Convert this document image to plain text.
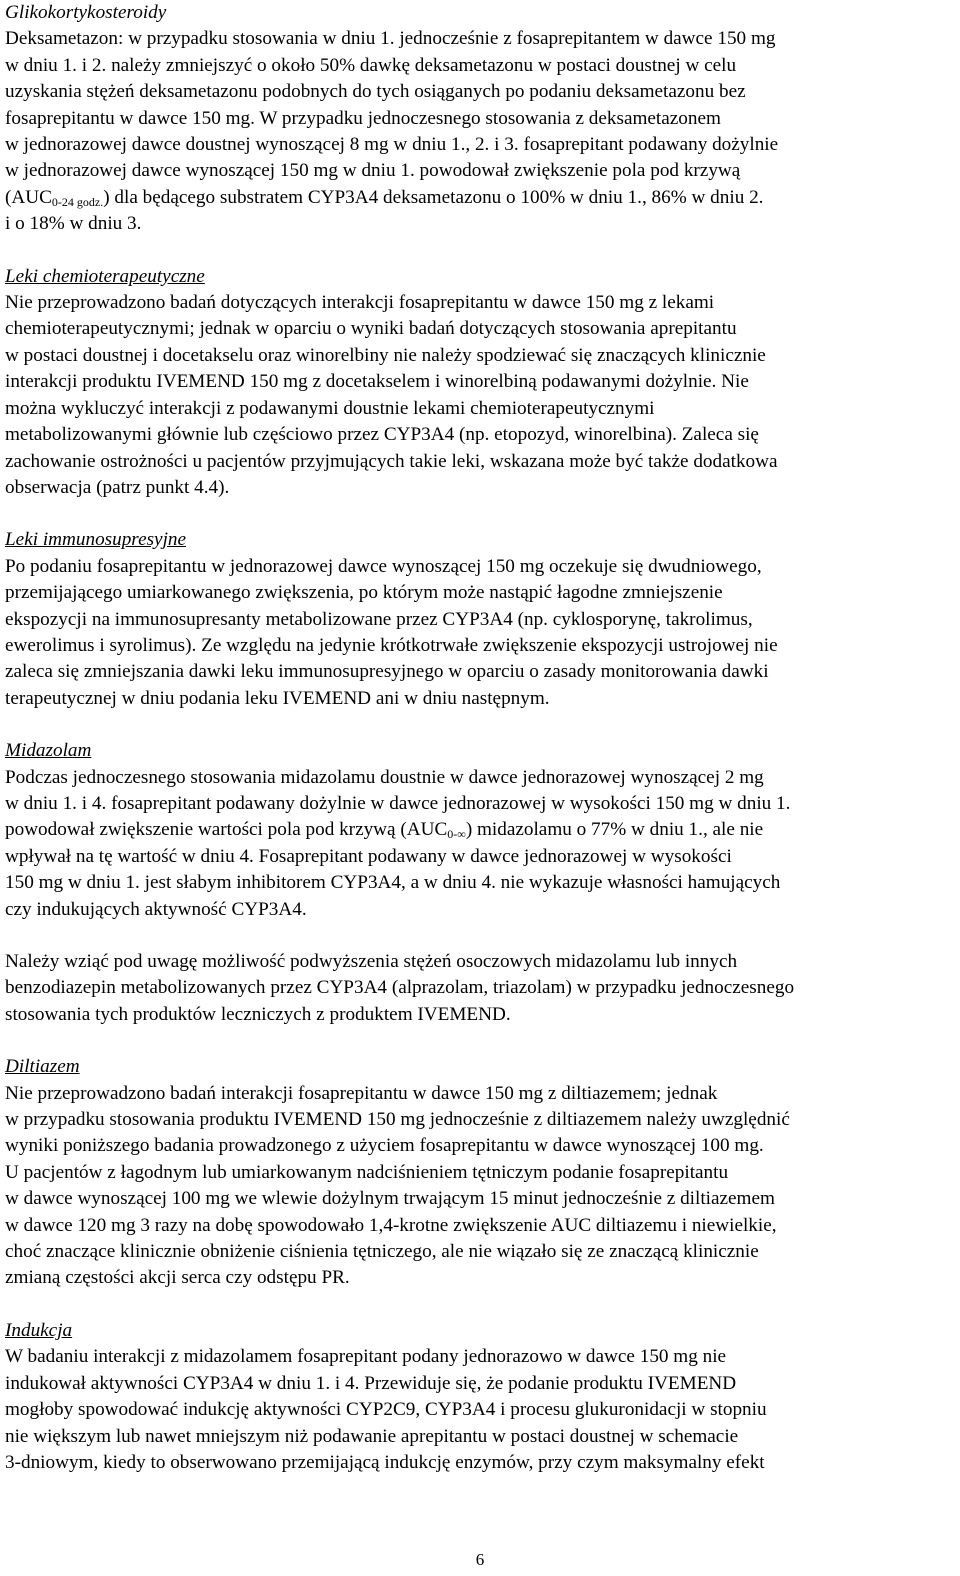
Glikokortykosteroidy

Deksametazon: w przypadku stosowania w dniu 1. jednocześnie z fosaprepitantem w dawce 150 mg
w dniu 1. i 2. należy zmniejszyć o około 50% dawkę deksametazonu w postaci doustnej w celu
uzyskania stężeń deksametazonu podobnych do tych osiąganych po podaniu deksametazonu bez
fosaprepitantu w dawce 150 mg. W przypadku jednoczesnego stosowania z deksametazonem
w jednorazowej dawce doustnej wynoszącej 8 mg w dniu 1., 2. i 3. fosaprepitant podawany dożylnie
w jednorazowej dawce wynoszącej 150 mg w dniu 1. powodował zwiększenie pola pod krzywą
$(AUC_{0-24 godz.})$ dla będącego substratem CYP3A4 deksametazonu o 100% w dniu 1., 86% w dniu 2.
i o 18% w dniu 3.

Leki chemioterapeutyczne

Nie przeprowadzono badań dotyczących interakcji fosaprepitantu w dawce 150 mg z lekami
chemioterapeutycznymi; jednak w oparciu o wyniki badań dotyczących stosowania aprepitantu
w postaci doustnej i docetakselu oraz winorelbiny nie należy spodziewać się znaczących klinicznie
interakcji produktu IVEMEND 150 mg z docetakselem i winorelbiną podawanymi dożylnie. Nie
można wykluczyć interakcji z podawanymi doustnie lekami chemioterapeutycznymi
metabolizowanymi głównie lub częściowo przez CYP3A4 (np. etopozyd, winorelbina). Zaleca się
zachowanie ostrożności u pacjentów przyjmujących takie leki, wskazana może być także dodatkowa
obserwacja (patrz punkt 4.4).

Leki immunosupresyjne

Po podaniu fosaprepitantu w jednorazowej dawce wynoszącej 150 mg oczekuje się dwudniowego,
przemijającego umiarkowanego zwiększenia, po którym może nastąpić łagodne zmniejszenie
ekspozycji na immunosupresanty metabolizowane przez CYP3A4 (np. cyklosporynę, takrolimus,
ewerolimus i syrolimus). Ze względu na jedynie krótkotrwałe zwiększenie ekspozycji ustrojowej nie
zaleca się zmniejszania dawki leku immunosupresyjnego w oparciu o zasady monitorowania dawki
terapeutycznej w dniu podania leku IVEMEND ani w dniu następnym.

Midazolam

Podczas jednoczesnego stosowania midazolamu doustnie w dawce jednorazowej wynoszącej 2 mg
w dniu 1. i 4. fosaprepitant podawany dożylnie w dawce jednorazowej w wysokości 150 mg w dniu 1.
powodował zwiększenie wartości pola pod krzywą $(AUC_{0-\infty})$ midazolamu o 77% w dniu 1., ale nie
wpływał na tę wartość w dniu 4. Fosaprepitant podawany w dawce jednorazowej w wysokości
150 mg w dniu 1. jest słabym inhibitorem CYP3A4, a w dniu 4. nie wykazuje własności hamujących
czy indukujących aktywność CYP3A4.
Należy wziąć pod uwagę możliwość podwyższenia stężeń osoczowych midazolamu lub innych
benzodiazepin metabolizowanych przez CYP3A4 (alprazolam, triazolam) w przypadku jednoczesnego
stosowania tych produktów leczniczych z produktem IVEMEND.

Diltiazem

Nie przeprowadzono badań interakcji fosaprepitantu w dawce 150 mg z diltiazemem; jednak
w przypadku stosowania produktu IVEMEND 150 mg jednocześnie z diltiazemem należy uwzględnić
wyniki poniższego badania prowadzonego z użyciem fosaprepitantu w dawce wynoszącej 100 mg.
U pacjentów z łagodnym lub umiarkowanym nadciśnieniem tętniczym podanie fosaprepitantu
w dawce wynoszącej 100 mg we wlewie dożylnym trwającym 15 minut jednocześnie z diltiazemem
w dawce 120 mg 3 razy na dobę spowodowało 1,4-krotne zwiększenie AUC diltiazemu i niewielkie,
choć znaczące klinicznie obniżenie ciśnienia tętniczego, ale nie wiązało się ze znaczącą klinicznie
zmianą częstości akcji serca czy odstępu PR.

Indukcja

W badaniu interakcji z midazolamem fosaprepitant podany jednorazowo w dawce 150 mg nie
indukował aktywności CYP3A4 w dniu 1. i 4. Przewiduje się, że podanie produktu IVEMEND
mogłoby spowodować indukcję aktywności CYP2C9, CYP3A4 i procesu glukuronidacji w stopniu
nie większym lub nawet mniejszym niż podawanie aprepitantu w postaci doustnej w schemacie
3-dniowym, kiedy to obserwowano przemijającą indukcję enzymów, przy czym maksymalny efekt
6
